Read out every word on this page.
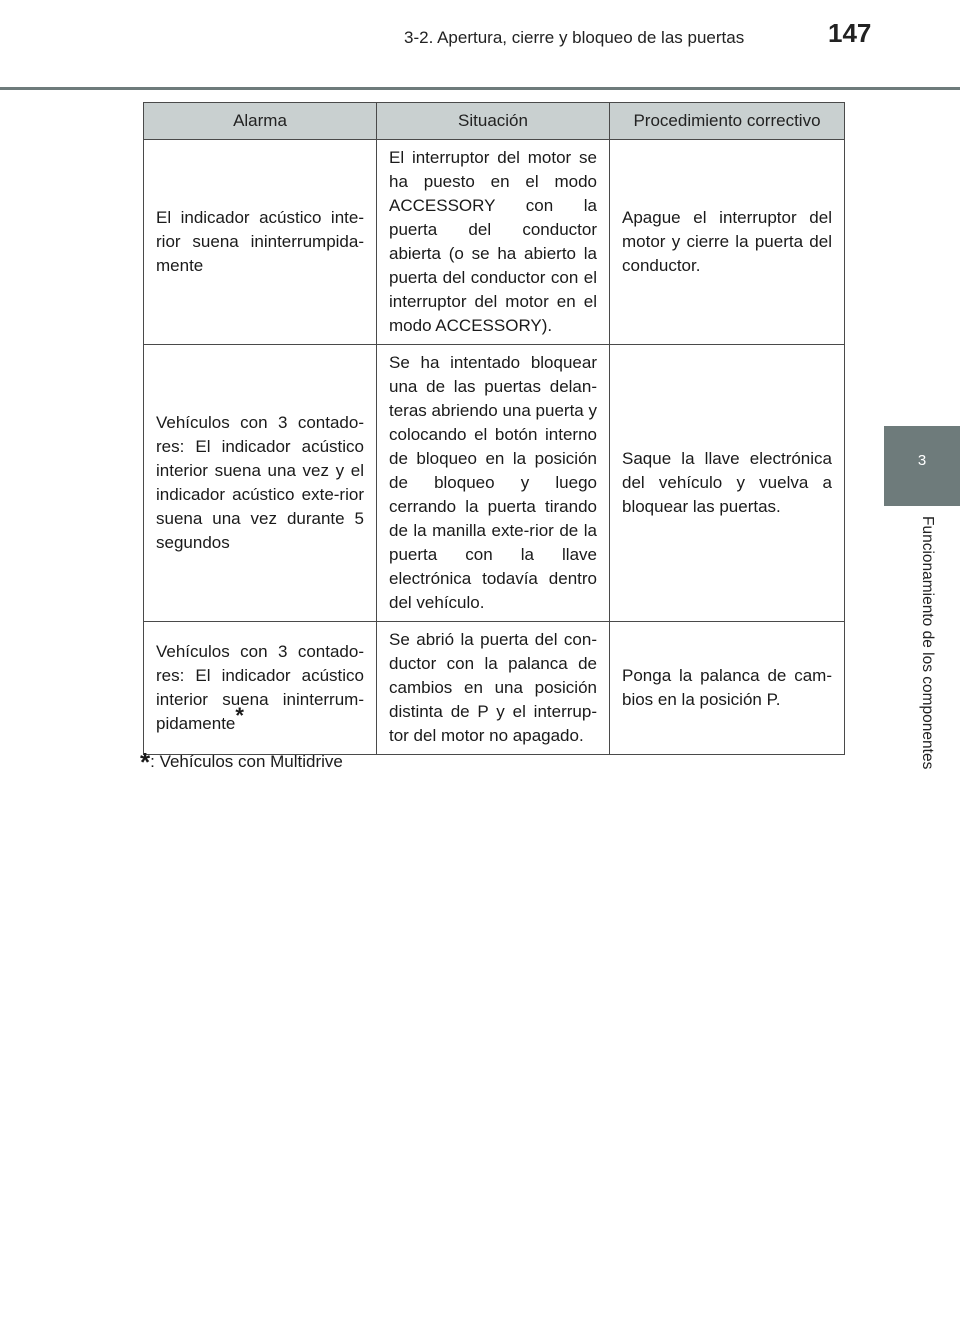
3-2. Apertura, cierre y bloqueo de las puertas	147
3
Funcionamiento de los componentes
Alarma	Situación	Procedimiento correctivo
El indicador acústico inte-rior suena ininterrumpida-mente	El interruptor del motor se ha puesto en el modo ACCESSORY con la puerta del conductor abierta (o se ha abierto la puerta del conductor con el interruptor del motor en el modo ACCESSORY).	Apague el interruptor del motor y cierre la puerta del conductor.
Vehículos con 3 contado-res: El indicador acústico interior suena una vez y el indicador acústico exte-rior suena una vez durante 5 segundos	Se ha intentado bloquear una de las puertas delan-teras abriendo una puerta y colocando el botón interno de bloqueo en la posición de bloqueo y luego cerrando la puerta tirando de la manilla exte-rior de la puerta con la llave electrónica todavía dentro del vehículo.	Saque la llave electrónica del vehículo y vuelva a bloquear las puertas.
Vehículos con 3 contado-res: El indicador acústico interior suena ininterrum-pidamente*	Se abrió la puerta del con-ductor con la palanca de cambios en una posición distinta de P y el interrup-tor del motor no apagado.	Ponga la palanca de cam-bios en la posición P.
*: Vehículos con Multidrive
